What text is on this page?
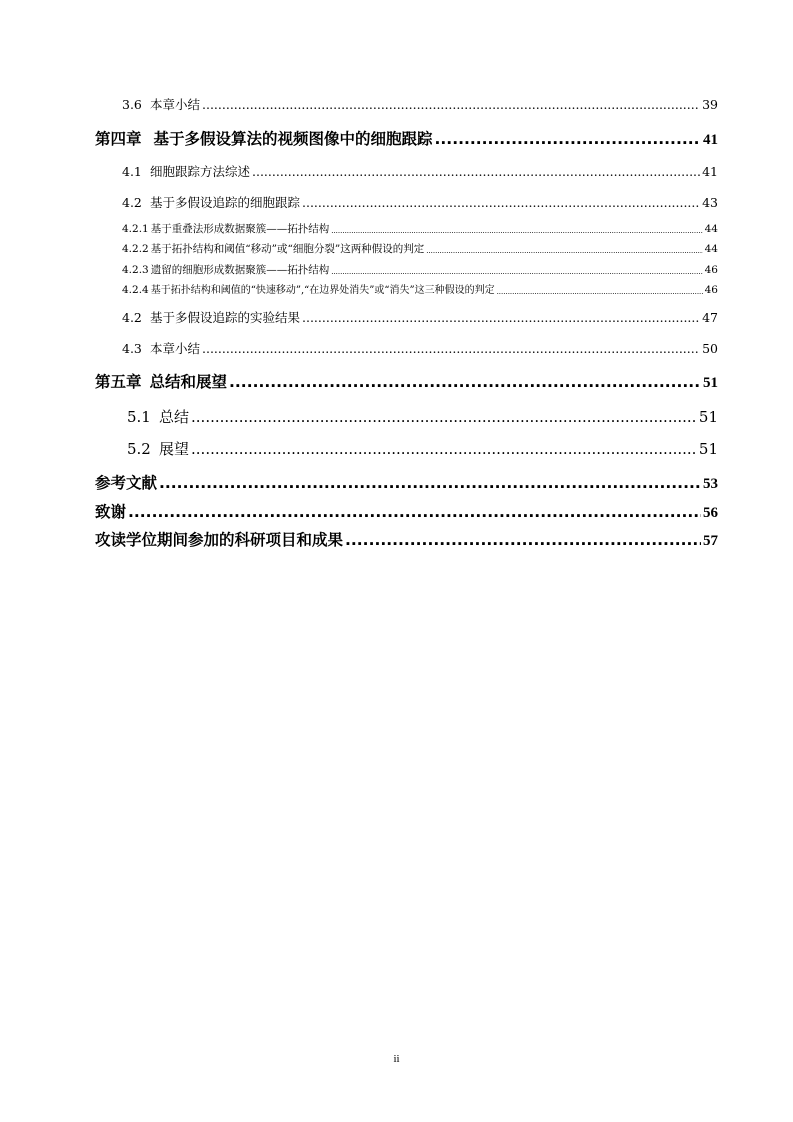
3.6 本章小结 .....	39
第四章 基于多假设算法的视频图像中的细胞跟踪 .....	41
4.1 细胞跟踪方法综述 .....	41
4.2 基于多假设追踪的细胞跟踪 .....	43
4.2.1 基于重叠法形成数据聚簇——拓扑结构 .....	44
4.2.2 基于拓扑结构和阈值“移动”或“细胞分裂”这两种假设的判定 .....	44
4.2.3 遗留的细胞形成数据聚簇——拓扑结构 .....	46
4.2.4 基于拓扑结构和阈值的“快速移动”,“在边界处消失”或“消失”这三种假设的判定 .....	46
4.2 基于多假设追踪的实验结果 .....	47
4.3 本章小结 .....	50
第五章 总结和展望 .....	51
5.1 总结 .....	51
5.2 展望 .....	51
参考文献 .....	53
致谢 .....	56
攻读学位期间参加的科研项目和成果 .....	57
ii
